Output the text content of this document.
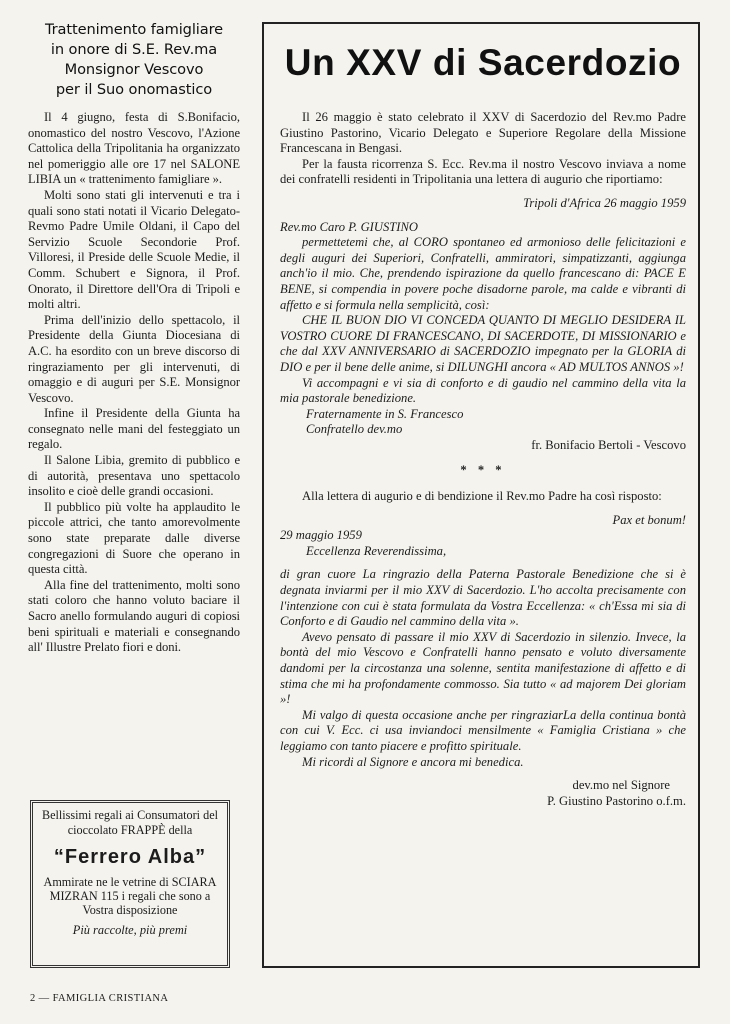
Trattenimento famigliare
in onore di S.E. Rev.ma
Monsignor Vescovo
per il Suo onomastico

Il 4 giugno, festa di S.Bonifacio, onomastico del nostro Vescovo, l'Azione Cattolica della Tripolitania ha organizzato nel pomeriggio alle ore 17 nel SALONE LIBIA un « trattenimento famigliare ».

Molti sono stati gli intervenuti e tra i quali sono stati notati il Vicario Delegato-Revmo Padre Umile Oldani, il Capo del Servizio Scuole Secondorie Prof. Villoresi, il Preside delle Scuole Medie, il Comm. Schubert e Signora, il Prof. Onorato, il Direttore dell'Ora di Tripoli e molti altri.

Prima dell'inizio dello spettacolo, il Presidente della Giunta Diocesiana di A.C. ha esordito con un breve discorso di ringraziamento per gli intervenuti, di omaggio e di auguri per S.E. Monsignor Vescovo.

Infine il Presidente della Giunta ha consegnato nelle mani del festeggiato un regalo.

Il Salone Libia, gremito di pubblico e di autorità, presentava uno spettacolo insolito e cioè delle grandi occasioni.

Il pubblico più volte ha applaudito le piccole attrici, che tanto amorevolmente sono state preparate dalle diverse congregazioni di Suore che operano in questa città.

Alla fine del trattenimento, molti sono stati coloro che hanno voluto baciare il Sacro anello formulando auguri di copiosi beni spirituali e materiali e consegnando all' Illustre Prelato fiori e doni.

Bellissimi regali ai Consumatori del cioccolato FRAPPÈ della
“Ferrero Alba”
Ammirate ne le vetrine di SCIARA MIZRAN 115 i regali che sono a Vostra disposizione
Più raccolte, più premi
2 — FAMIGLIA CRISTIANA
Un XXV di Sacerdozio

Il 26 maggio è stato celebrato il XXV di Sacerdozio del Rev.mo Padre Giustino Pastorino, Vicario Delegato e Superiore Regolare della Missione Francescana in Bengasi.

Per la fausta ricorrenza S. Ecc. Rev.ma il nostro Vescovo inviava a nome dei confratelli residenti in Tripolitania una lettera di augurio che riportiamo:

Tripoli d'Africa 26 maggio 1959

Rev.mo Caro P. GIUSTINO

permettetemi che, al CORO spontaneo ed armonioso delle felicitazioni e degli auguri dei Superiori, Confratelli, ammiratori, simpatizzanti, aggiunga anch'io il mio. Che, prendendo ispirazione da quello francescano di: PACE E BENE, si compendia in povere poche disadorne parole, ma calde e vibranti di affetto e si formula nella semplicità, così:

CHE IL BUON DIO VI CONCEDA QUANTO DI MEGLIO DESIDERA IL VOSTRO CUORE DI FRANCESCANO, DI SACERDOTE, DI MISSIONARIO e che dal XXV ANNIVERSARIO di SACERDOZIO impegnato per la GLORIA di DIO e per il bene delle anime, si DILUNGHI ancora « AD MULTOS ANNOS »!

Vi accompagni e vi sia di conforto e di gaudio nel cammino della vita la mia pastorale benedizione.

Fraternamente in S. Francesco

Confratello dev.mo

fr. Bonifacio Bertoli - Vescovo

* * *

Alla lettera di augurio e di bendizione il Rev.mo Padre ha così risposto:

Pax et bonum!

29 maggio 1959

Eccellenza Reverendissima,

di gran cuore La ringrazio della Paterna Pastorale Benedizione che si è degnata inviarmi per il mio XXV di Sacerdozio. L'ho accolta precisamente con l'intenzione con cui è stata formulata da Vostra Eccellenza: « ch'Essa mi sia di Conforto e di Gaudio nel cammino della vita ».

Avevo pensato di passare il mio XXV di Sacerdozio in silenzio. Invece, la bontà del mio Vescovo e Confratelli hanno pensato e voluto diversamente dandomi per la circostanza una solenne, sentita manifestazione di affetto e di stima che mi ha profondamente commosso. Sia tutto « ad majorem Dei gloriam »!

Mi valgo di questa occasione anche per ringraziarLa della continua bontà con cui V. Ecc. ci usa inviandoci mensilmente « Famiglia Cristiana » che leggiamo con tanto piacere e profitto spirituale.

Mi ricordi al Signore e ancora mi benedica.

dev.mo nel Signore

P. Giustino Pastorino o.f.m.
